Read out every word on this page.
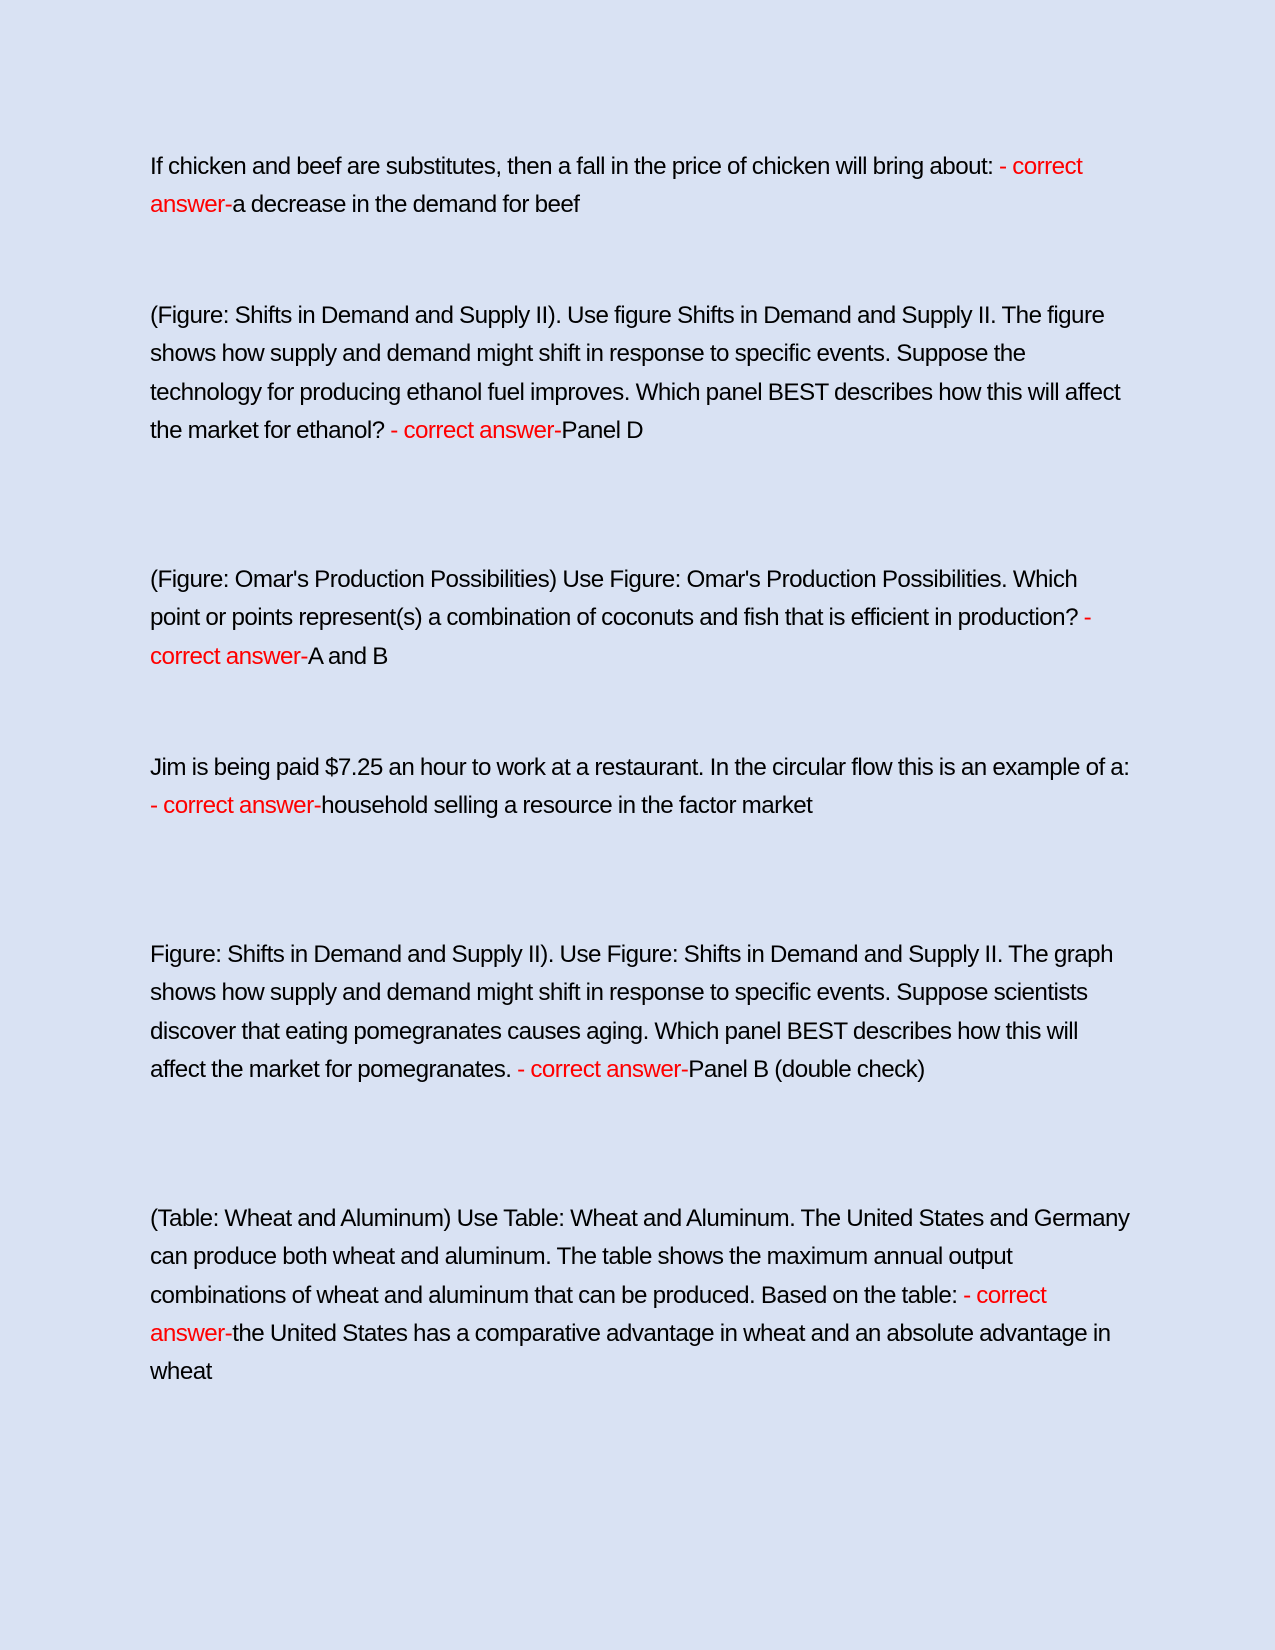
If chicken and beef are substitutes, then a fall in the price of chicken will bring about: - correct answer-a decrease in the demand for beef

(Figure: Shifts in Demand and Supply II). Use figure Shifts in Demand and Supply II. The figure shows how supply and demand might shift in response to specific events. Suppose the technology for producing ethanol fuel improves. Which panel BEST describes how this will affect the market for ethanol? - correct answer-Panel D

(Figure: Omar's Production Possibilities) Use Figure: Omar's Production Possibilities. Which point or points represent(s) a combination of coconuts and fish that is efficient in production? - correct answer-A and B

Jim is being paid $7.25 an hour to work at a restaurant. In the circular flow this is an example of a: - correct answer-household selling a resource in the factor market

Figure: Shifts in Demand and Supply II). Use Figure: Shifts in Demand and Supply II. The graph shows how supply and demand might shift in response to specific events. Suppose scientists discover that eating pomegranates causes aging. Which panel BEST describes how this will affect the market for pomegranates. - correct answer-Panel B (double check)

(Table: Wheat and Aluminum) Use Table: Wheat and Aluminum. The United States and Germany can produce both wheat and aluminum. The table shows the maximum annual output combinations of wheat and aluminum that can be produced. Based on the table: - correct answer-the United States has a comparative advantage in wheat and an absolute advantage in wheat
